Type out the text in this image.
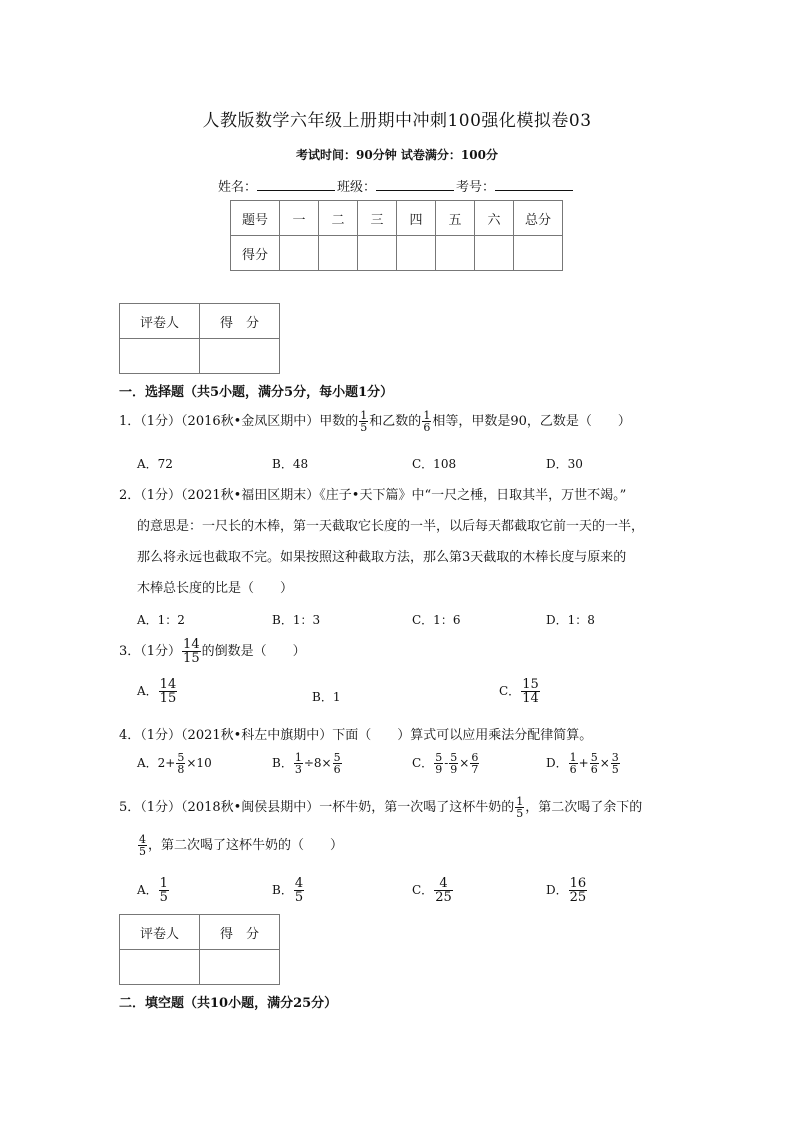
人教版数学六年级上册期中冲刺100强化模拟卷03
考试时间：90分钟 试卷满分：100分
姓名：	班级：	考号：
题号	一	二	三	四	五	六	总分
得分							
评卷人	得　分

一．选择题（共5小题，满分5分，每小题1分）
1．（1分）（2016秋•金凤区期中）甲数的 $\frac{1}{5}$ 和乙数的 $\frac{1}{6}$ 相等，甲数是90，乙数是（　　）
A．72	B．48	C．108	D．30
2．（1分）（2021秋•福田区期末）《庄子•天下篇》中“一尺之棰，日取其半，万世不竭。”
的意思是：一尺长的木棒，第一天截取它长度的一半，以后每天都截取它前一天的一半，
那么将永远也截取不完。如果按照这种截取方法，那么第3天截取的木棒长度与原来的
木棒总长度的比是（　　）
A．1：2	B．1：3	C．1：6	D．1：8
3．（1分） $\frac{14}{15}$ 的倒数是（　　）
A． $\frac{14}{15}$	B．1	C． $\frac{15}{14}$
4．（1分）（2021秋•科左中旗期中）下面（　　）算式可以应用乘法分配律简算。
A．$2+ \frac{5}{8} \times 10$	B． $\frac{1}{3} \div 8\times \frac{5}{6}$	C． $\frac{5}{9} - \frac{5}{9} \times \frac{6}{7}$	D． $\frac{1}{6} + \frac{5}{6} \times \frac{3}{5}$
5．（1分）（2018秋•闽侯县期中）一杯牛奶，第一次喝了这杯牛奶的 $\frac{1}{5}$ ，第二次喝了余下的
$\frac{4}{5}$ ，第二次喝了这杯牛奶的（　　）
A． $\frac{1}{5}$	B． $\frac{4}{5}$	C． $\frac{4}{25}$	D． $\frac{16}{25}$
评卷人	得　分

二．填空题（共10小题，满分25分）
